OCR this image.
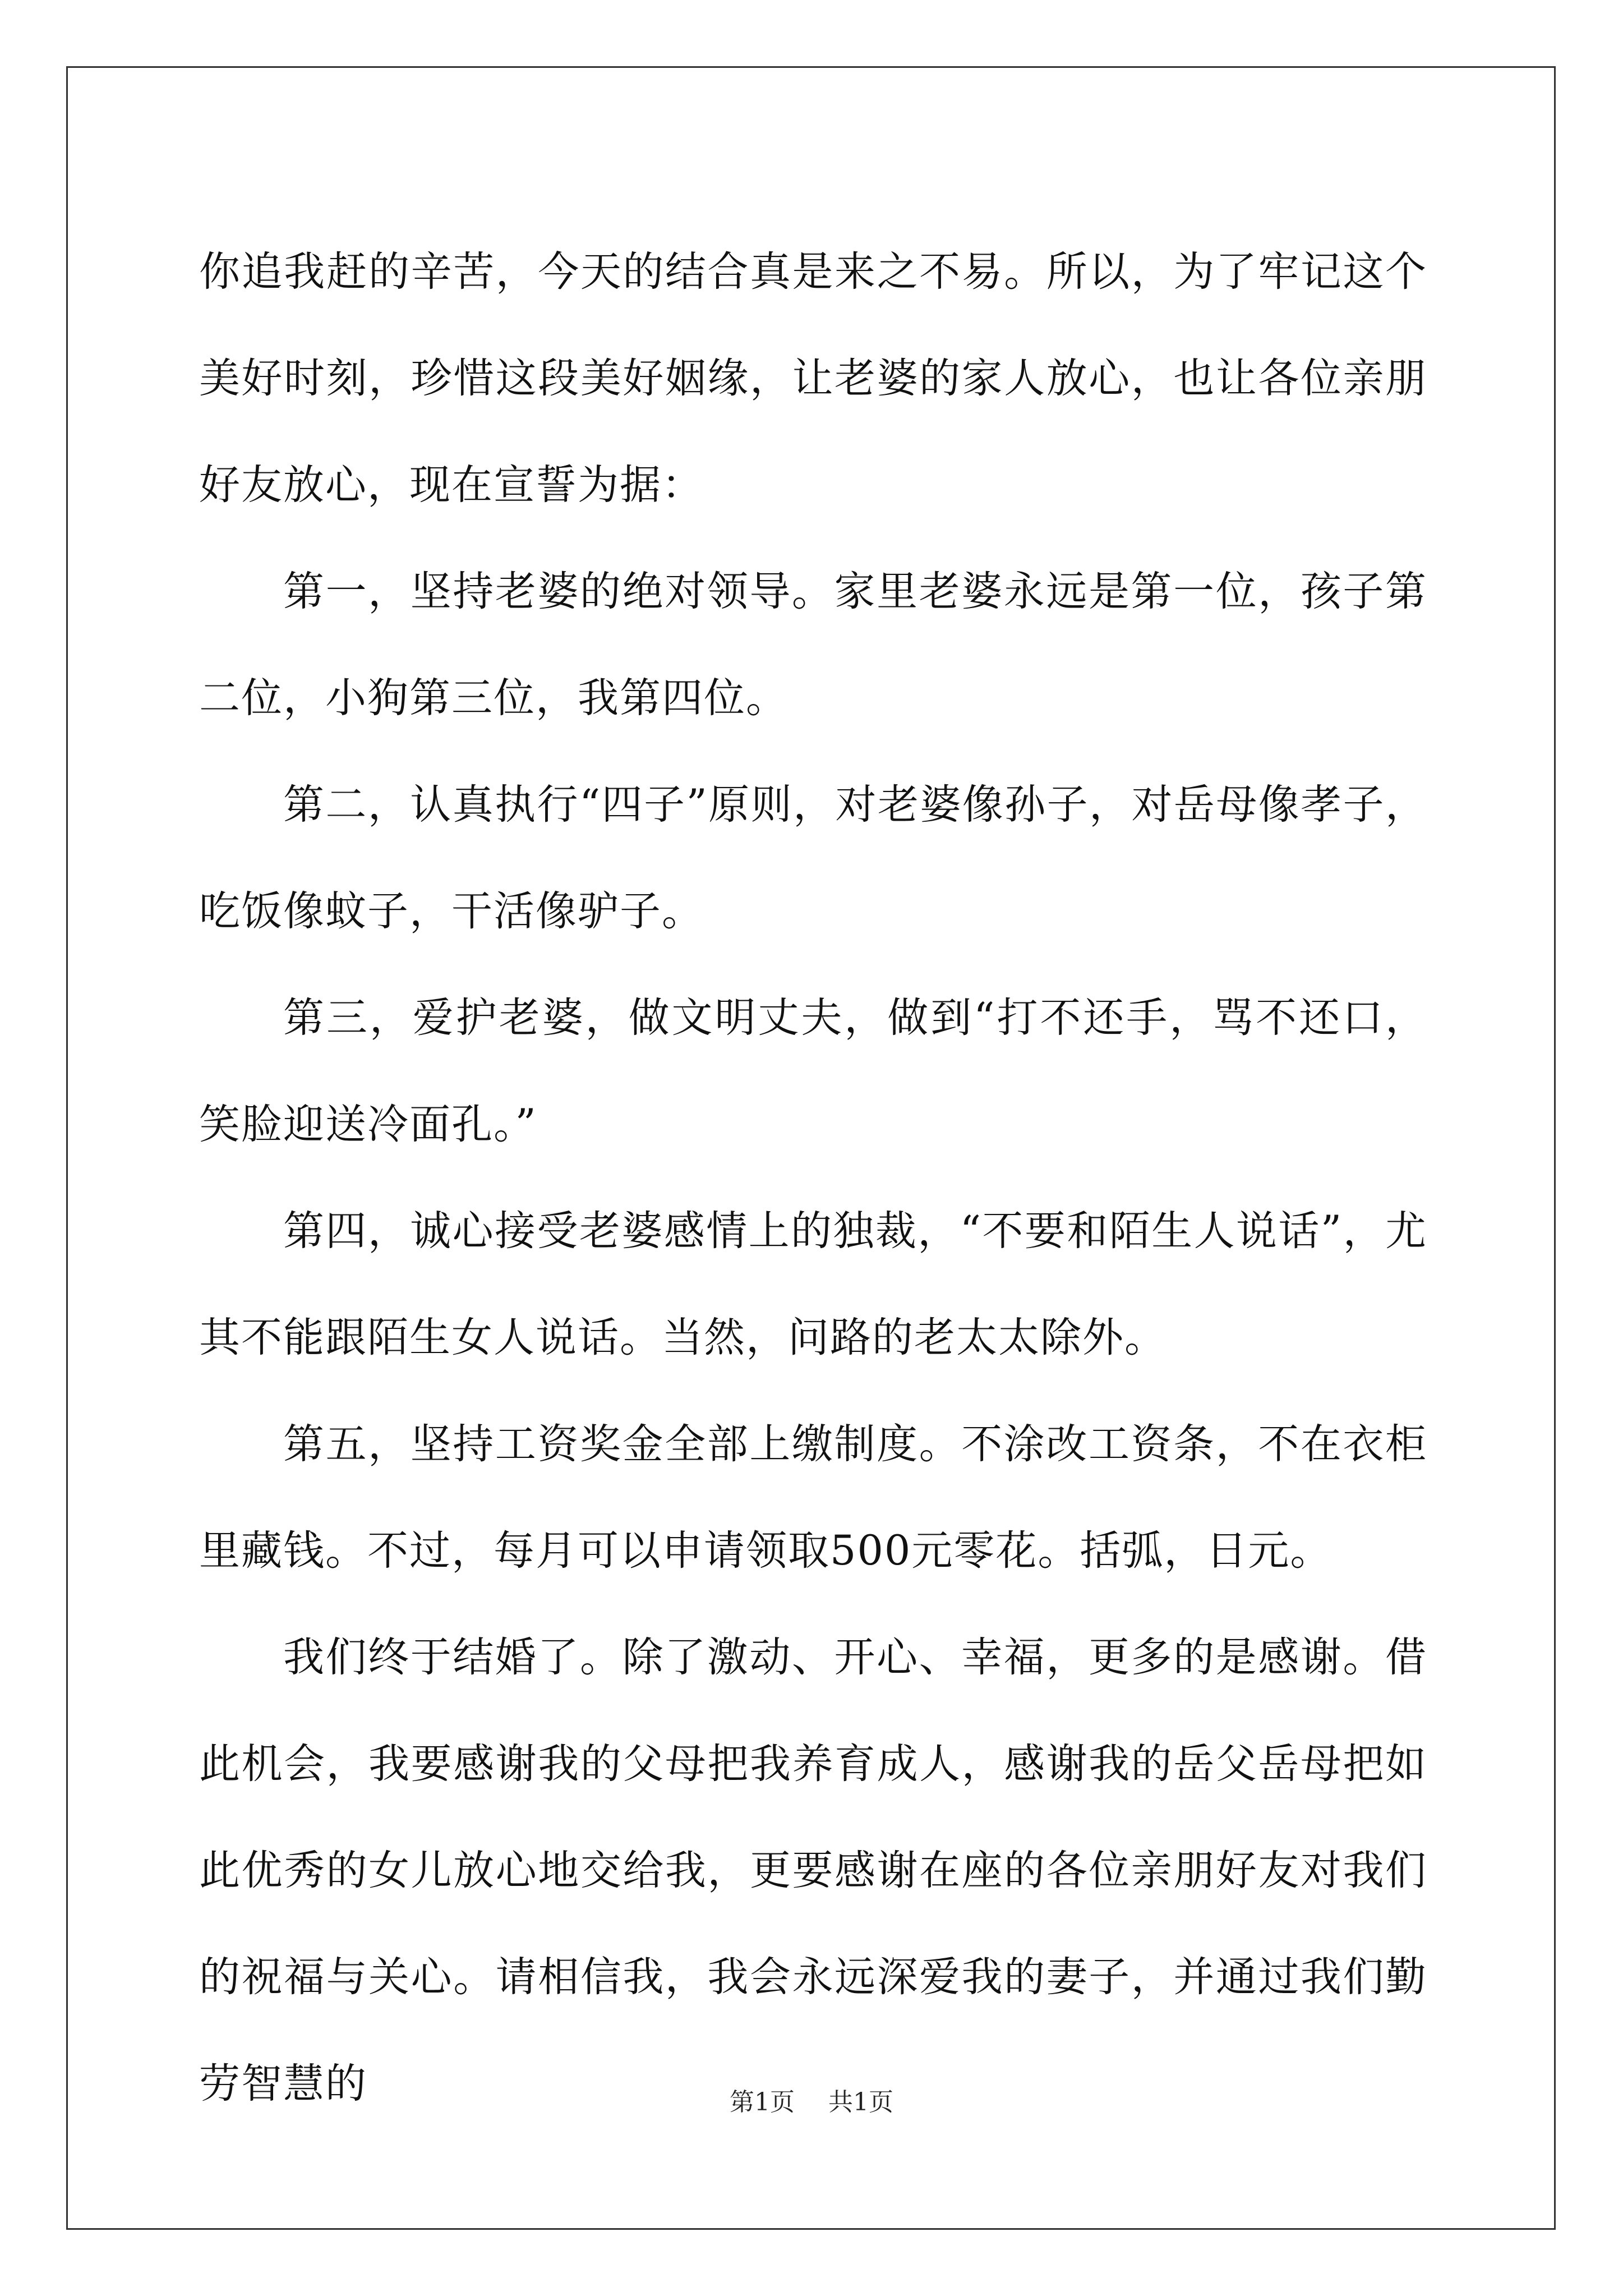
你追我赶的辛苦，今天的结合真是来之不易。所以，为了牢记这个美好时刻，珍惜这段美好姻缘，让老婆的家人放心，也让各位亲朋好友放心，现在宣誓为据：

第一，坚持老婆的绝对领导。家里老婆永远是第一位，孩子第二位，小狗第三位，我第四位。

第二，认真执行“四子”原则，对老婆像孙子，对岳母像孝子，吃饭像蚊子，干活像驴子。

第三，爱护老婆，做文明丈夫，做到“打不还手，骂不还口，笑脸迎送冷面孔。”

第四，诚心接受老婆感情上的独裁，“不要和陌生人说话”，尤其不能跟陌生女人说话。当然，问路的老太太除外。

第五，坚持工资奖金全部上缴制度。不涂改工资条，不在衣柜里藏钱。不过，每月可以申请领取500元零花。括弧，日元。

我们终于结婚了。除了激动、开心、幸福，更多的是感谢。借此机会，我要感谢我的父母把我养育成人，感谢我的岳父岳母把如此优秀的女儿放心地交给我，更要感谢在座的各位亲朋好友对我们的祝福与关心。请相信我，我会永远深爱我的妻子，并通过我们勤劳智慧的	第1页 共1页
